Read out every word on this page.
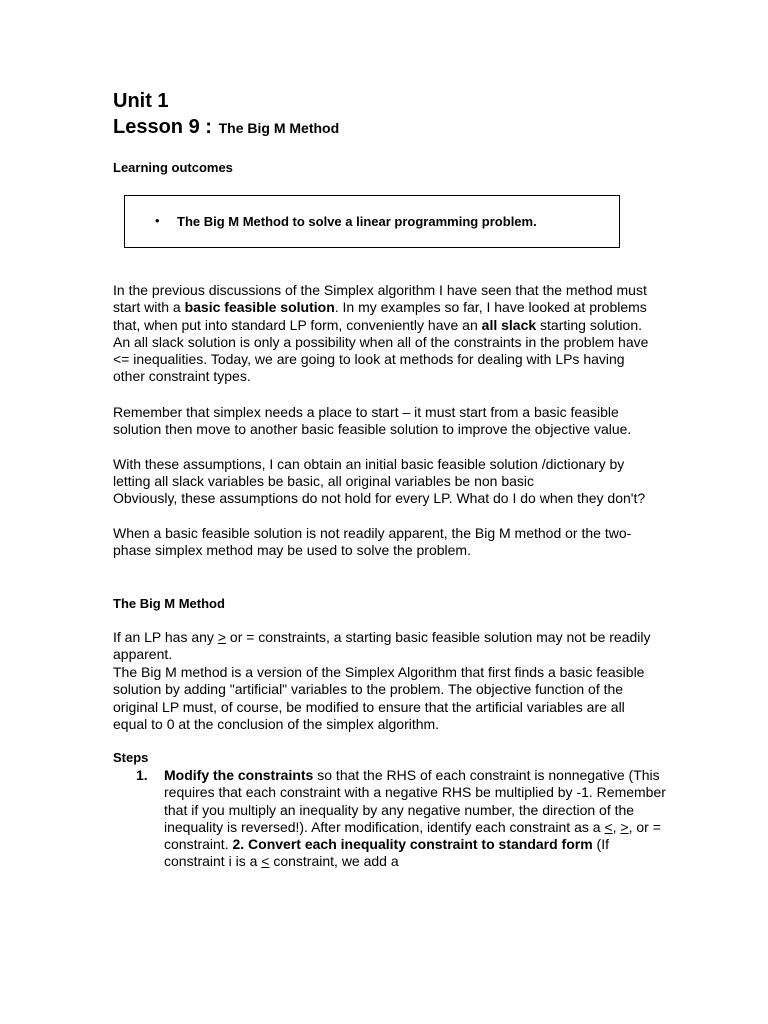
Unit 1
Lesson 9 : The Big M Method
Learning outcomes
• The Big M Method to solve a linear programming problem.

In the previous discussions of the Simplex algorithm I have seen that the method must start with a basic feasible solution. In my examples so far, I have looked at problems that, when put into standard LP form, conveniently have an all slack starting solution. An all slack solution is only a possibility when all of the constraints in the problem have <= inequalities. Today, we are going to look at methods for dealing with LPs having other constraint types.

Remember that simplex needs a place to start – it must start from a basic feasible solution then move to another basic feasible solution to improve the objective value.

With these assumptions, I can obtain an initial basic feasible solution /dictionary by letting all slack variables be basic, all original variables be non basic

Obviously, these assumptions do not hold for every LP. What do I do when they don't?

When a basic feasible solution is not readily apparent, the Big M method or the two-phase simplex method may be used to solve the problem.

The Big M Method

If an LP has any > or = constraints, a starting basic feasible solution may not be readily apparent.

The Big M method is a version of the Simplex Algorithm that first finds a basic feasible solution by adding "artificial" variables to the problem. The objective function of the original LP must, of course, be modified to ensure that the artificial variables are all equal to 0 at the conclusion of the simplex algorithm.

Steps
1. Modify the constraints so that the RHS of each constraint is nonnegative (This requires that each constraint with a negative RHS be multiplied by -1. Remember that if you multiply an inequality by any negative number, the direction of the inequality is reversed!). After modification, identify each constraint as a <, >, or = constraint. 2. Convert each inequality constraint to standard form (If constraint i is a < constraint, we add a
